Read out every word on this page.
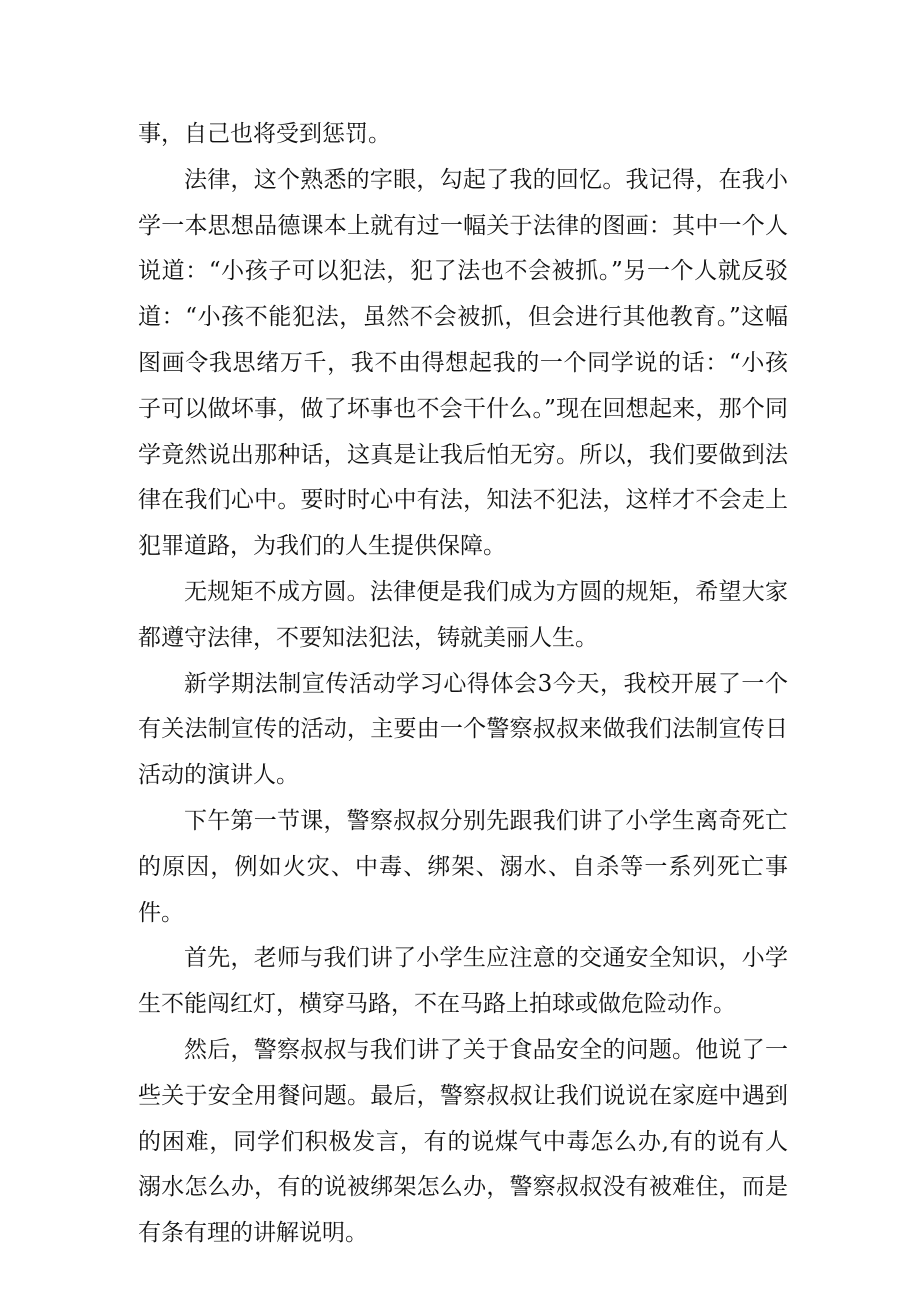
事，自己也将受到惩罚。

法律，这个熟悉的字眼，勾起了我的回忆。我记得，在我小学一本思想品德课本上就有过一幅关于法律的图画：其中一个人说道：“小孩子可以犯法，犯了法也不会被抓。”另一个人就反驳道：“小孩不能犯法，虽然不会被抓，但会进行其他教育。”这幅图画令我思绪万千，我不由得想起我的一个同学说的话：“小孩子可以做坏事，做了坏事也不会干什么。”现在回想起来，那个同学竟然说出那种话，这真是让我后怕无穷。所以，我们要做到法律在我们心中。要时时心中有法，知法不犯法，这样才不会走上犯罪道路，为我们的人生提供保障。

无规矩不成方圆。法律便是我们成为方圆的规矩，希望大家都遵守法律，不要知法犯法，铸就美丽人生。

新学期法制宣传活动学习心得体会3今天，我校开展了一个有关法制宣传的活动，主要由一个警察叔叔来做我们法制宣传日活动的演讲人。

下午第一节课，警察叔叔分别先跟我们讲了小学生离奇死亡的原因，例如火灾、中毒、绑架、溺水、自杀等一系列死亡事件。

首先，老师与我们讲了小学生应注意的交通安全知识，小学生不能闯红灯，横穿马路，不在马路上拍球或做危险动作。

然后，警察叔叔与我们讲了关于食品安全的问题。他说了一些关于安全用餐问题。最后，警察叔叔让我们说说在家庭中遇到的困难，同学们积极发言，有的说煤气中毒怎么办,有的说有人溺水怎么办，有的说被绑架怎么办，警察叔叔没有被难住，而是有条有理的讲解说明。
